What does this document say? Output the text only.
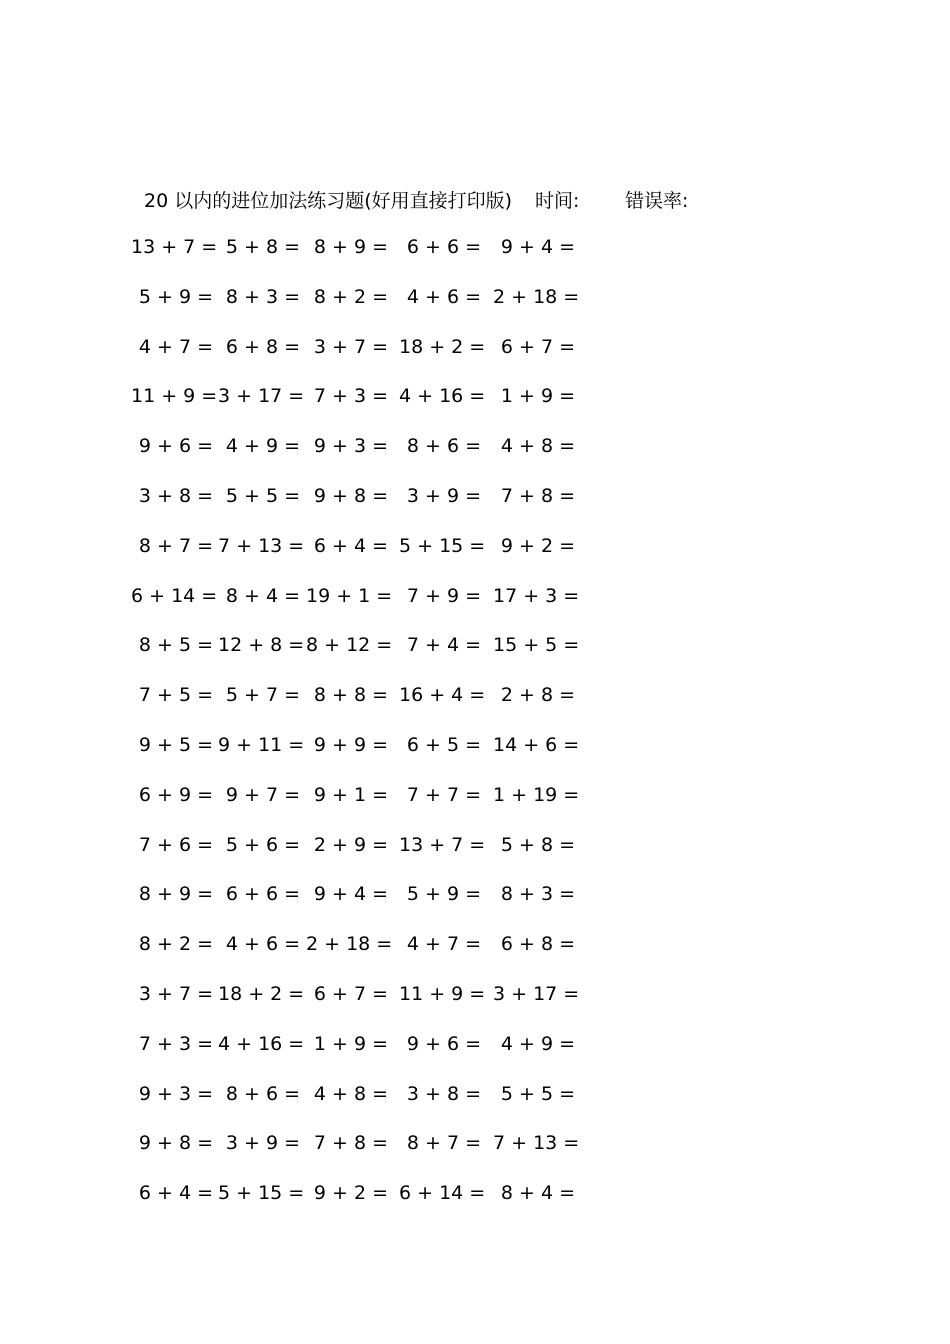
20 以内的进位加法练习题(好用直接打印版) 时间: 错误率:
13 + 7 = 5 + 8 = 8 + 9 = 6 + 6 =	9 + 4 =
5 + 9 = 8 + 3 = 8 + 2 = 4 + 6 = 2 + 18 =
4 + 7 = 6 + 8 = 3 + 7 = 18 + 2 = 6 + 7 =
11 + 9 = 3 + 17 = 7 + 3 = 4 + 16 = 1 + 9 =
9 + 6 = 4 + 9 = 9 + 3 = 8 + 6 =	4 + 8 =
3 + 8 = 5 + 5 = 9 + 8 = 3 + 9 =	7 + 8 =
8 + 7 = 7 + 13 = 6 + 4 = 5 + 15 = 9 + 2 =
6 + 14 = 8 + 4 = 19 + 1 = 7 + 9 = 17 + 3 =
8 + 5 = 12 + 8 = 8 + 12 = 7 + 4 = 15 + 5 =
7 + 5 = 5 + 7 = 8 + 8 = 16 + 4 = 2 + 8 =
9 + 5 = 9 + 11 = 9 + 9 = 6 + 5 = 14 + 6 =
6 + 9 = 9 + 7 = 9 + 1 = 7 + 7 = 1 + 19 =
7 + 6 = 5 + 6 = 2 + 9 = 13 + 7 = 5 + 8 =
8 + 9 = 6 + 6 = 9 + 4 = 5 + 9 =	8 + 3 =
8 + 2 = 4 + 6 = 2 + 18 = 4 + 7 =	6 + 8 =
3 + 7 = 18 + 2 = 6 + 7 = 11 + 9 = 3 + 17 =
7 + 3 = 4 + 16 = 1 + 9 = 9 + 6 =	4 + 9 =
9 + 3 = 8 + 6 = 4 + 8 = 3 + 8 =	5 + 5 =
9 + 8 = 3 + 9 = 7 + 8 = 8 + 7 = 7 + 13 =
6 + 4 = 5 + 15 = 9 + 2 = 6 + 14 = 8 + 4 =
